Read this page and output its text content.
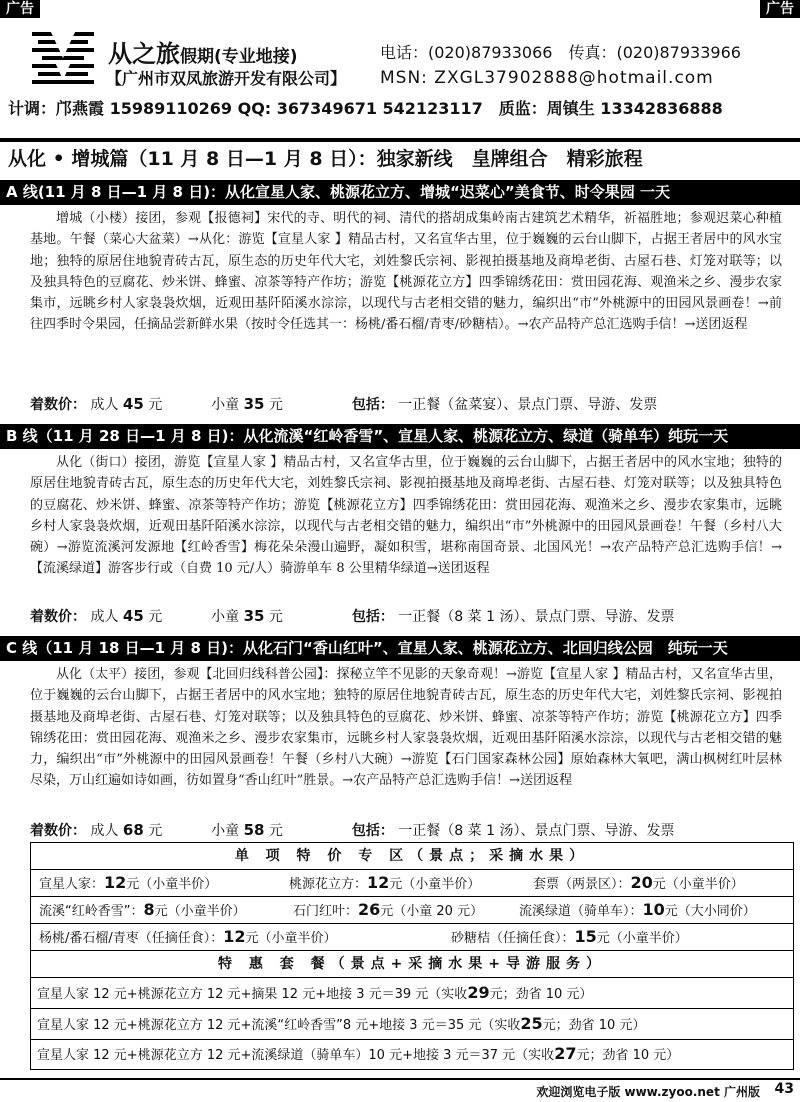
广告	广告
从之旅假期(专业地接)	电话：(020)87933066　传真：(020)87933966
【广州市双凤旅游开发有限公司】 MSN: ZXGL37902888@hotmail.com
计调：邝燕霞 15989110269 QQ: 367349671 542123117　质监：周镇生 13342836888
从化 • 增城篇（11 月 8 日—1 月 8 日）：独家新线　皇牌组合　精彩旅程
A 线(11 月 8 日—1 月 8 日)：从化宣星人家、桃源花立方、增城“迟菜心”美食节、时令果园 一天
增城（小楼）接团，参观【报德祠】宋代的寺、明代的祠、清代的搭胡成集岭南古建筑艺术精华，祈福胜地；参观迟菜心种植基地。午餐（菜心大盆菜）→从化：游览【宣星人家 】精品古村，又名宣华古里，位于巍巍的云台山脚下，占据王者居中的风水宝地；独特的原居住地貌青砖古瓦，原生态的历史年代大宅，刘姓黎氏宗祠、影视拍摄基地及商埠老街、古屋石巷、灯笼对联等；以及独具特色的豆腐花、炒米饼、蜂蜜、凉茶等特产作坊；游览【桃源花立方】四季锦绣花田：赏田园花海、观渔米之乡、漫步农家集市，远眺乡村人家袅袅炊烟，近观田基阡陌溪水淙淙，以现代与古老相交错的魅力，编织出“市”外桃源中的田园风景画卷！→前往四季时令果园，任摘品尝新鲜水果（按时令任选其一：杨桃/番石榴/青枣/砂糖桔）。→农产品特产总汇选购手信！→送团返程
着数价： 成人 45 元	小童 35 元	包括： 一正餐（盆菜宴）、景点门票、导游、发票
B 线（11 月 28 日—1 月 8 日)：从化流溪“红岭香雪”、宣星人家、桃源花立方、绿道（骑单车）纯玩一天
从化（街口）接团，游览【宣星人家 】精品古村，又名宣华古里，位于巍巍的云台山脚下，占据王者居中的风水宝地；独特的原居住地貌青砖古瓦，原生态的历史年代大宅，刘姓黎氏宗祠、影视拍摄基地及商埠老街、古屋石巷、灯笼对联等；以及独具特色的豆腐花、炒米饼、蜂蜜、凉茶等特产作坊；游览【桃源花立方】四季锦绣花田：赏田园花海、观渔米之乡、漫步农家集市，远眺乡村人家袅袅炊烟，近观田基阡陌溪水淙淙，以现代与古老相交错的魅力，编织出“市”外桃源中的田园风景画卷！午餐（乡村八大碗）→游览流溪河发源地【红岭香雪】梅花朵朵漫山遍野，凝如积雪，堪称南国奇景、北国风光！→农产品特产总汇选购手信！→【流溪绿道】游客步行或（自费 10 元/人）骑游单车 8 公里精华绿道→送团返程
着数价： 成人 45 元	小童 35 元	包括： 一正餐（8 菜 1 汤）、景点门票、导游、发票
C 线（11 月 18 日—1 月 8 日)：从化石门“香山红叶”、宣星人家、桃源花立方、北回归线公园　纯玩一天
从化（太平）接团，参观【北回归线科普公园】：探秘立竿不见影的天象奇观！→游览【宣星人家 】精品古村，又名宣华古里，位于巍巍的云台山脚下，占据王者居中的风水宝地；独特的原居住地貌青砖古瓦，原生态的历史年代大宅，刘姓黎氏宗祠、影视拍摄基地及商埠老街、古屋石巷、灯笼对联等；以及独具特色的豆腐花、炒米饼、蜂蜜、凉茶等特产作坊；游览【桃源花立方】四季锦绣花田：赏田园花海、观渔米之乡、漫步农家集市，远眺乡村人家袅袅炊烟，近观田基阡陌溪水淙淙，以现代与古老相交错的魅力，编织出“市”外桃源中的田园风景画卷！午餐（乡村八大碗）→游览【石门国家森林公园】原始森林大氧吧，满山枫树红叶层林尽染，万山红遍如诗如画，彷如置身“香山红叶”胜景。→农产品特产总汇选购手信！→送团返程
着数价： 成人 68 元	小童 58 元	包括： 一正餐（8 菜 1 汤）、景点门票、导游、发票
单 项 特 价 专 区（景点；采摘水果）
宣星人家：12元（小童半价）	桃源花立方：12元（小童半价）	套票（两景区）：20元（小童半价）
流溪“红岭香雪”：8元（小童半价）	石门红叶：26元（小童 20 元）	流溪绿道（骑单车）：10元（大小同价）
杨桃/番石榴/青枣（任摘任食）：12元（小童半价）	砂糖桔（任摘任食）：15元（小童半价）
特 惠 套 餐（景点+采摘水果+导游服务）
宣星人家 12 元+桃源花立方 12 元+摘果 12 元+地接 3 元＝39 元（实收29元；劲省 10 元）
宣星人家 12 元+桃源花立方 12 元+流溪“红岭香雪”8 元+地接 3 元＝35 元（实收25元；劲省 10 元）
宣星人家 12 元+桃源花立方 12 元+流溪绿道（骑单车）10 元+地接 3 元＝37 元（实收27元；劲省 10 元）
欢迎浏览电子版 www.zyoo.net 广州版 43
